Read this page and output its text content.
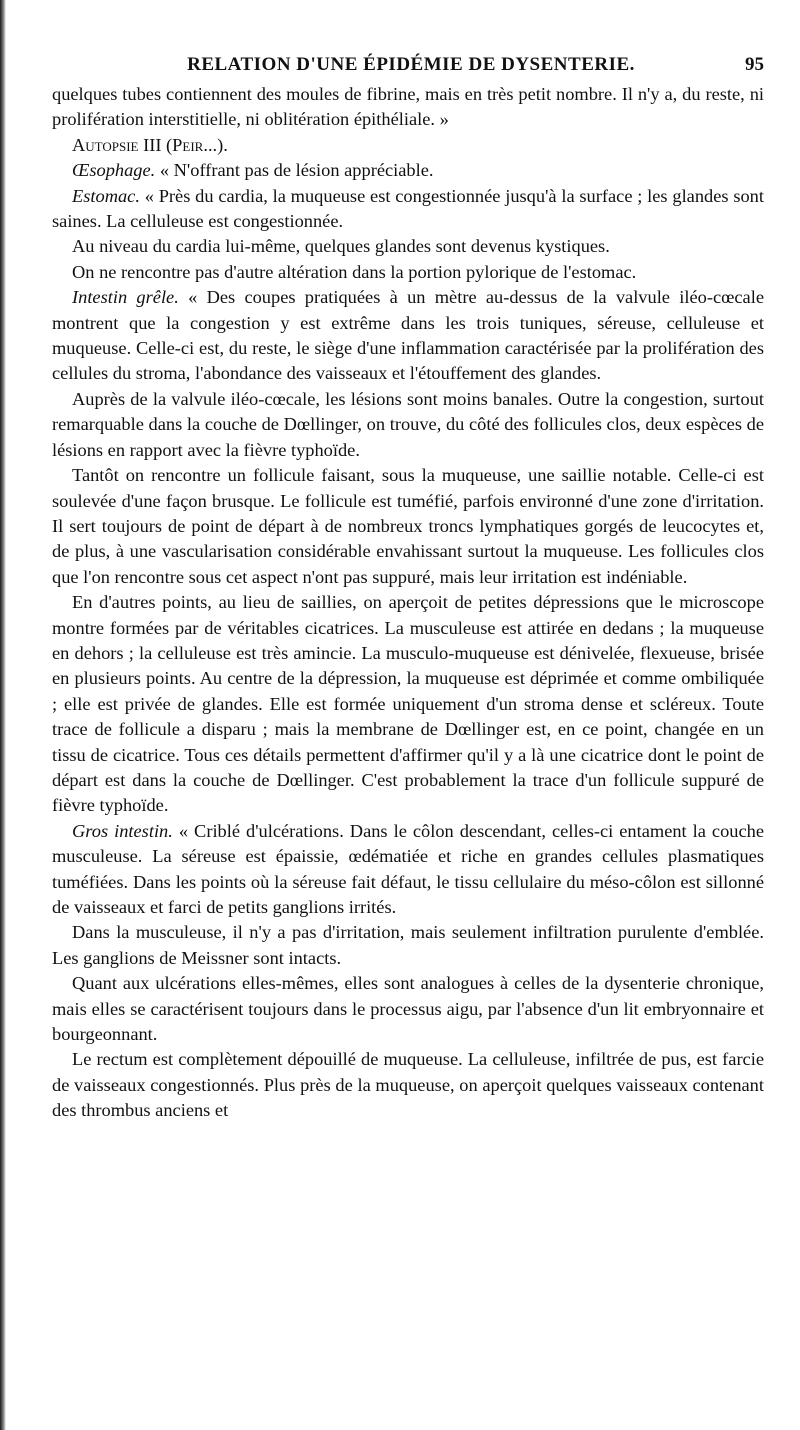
RELATION D'UNE ÉPIDÉMIE DE DYSENTERIE.	95

quelques tubes contiennent des moules de fibrine, mais en très petit nombre. Il n'y a, du reste, ni prolifération interstitielle, ni oblitération épithéliale. »

Autopsie III (Peir...).

Œsophage. « N'offrant pas de lésion appréciable.

Estomac. « Près du cardia, la muqueuse est congestionnée jusqu'à la surface ; les glandes sont saines. La celluleuse est congestionnée.

Au niveau du cardia lui-même, quelques glandes sont devenus kystiques.

On ne rencontre pas d'autre altération dans la portion pylorique de l'estomac.

Intestin grêle. « Des coupes pratiquées à un mètre au-dessus de la valvule iléo-cœcale montrent que la congestion y est extrême dans les trois tuniques, séreuse, celluleuse et muqueuse. Celle-ci est, du reste, le siège d'une inflammation caractérisée par la prolifération des cellules du stroma, l'abondance des vaisseaux et l'étouffement des glandes.

Auprès de la valvule iléo-cœcale, les lésions sont moins banales. Outre la congestion, surtout remarquable dans la couche de Dœllinger, on trouve, du côté des follicules clos, deux espèces de lésions en rapport avec la fièvre typhoïde.

Tantôt on rencontre un follicule faisant, sous la muqueuse, une saillie notable. Celle-ci est soulevée d'une façon brusque. Le follicule est tuméfié, parfois environné d'une zone d'irritation. Il sert toujours de point de départ à de nombreux troncs lymphatiques gorgés de leucocytes et, de plus, à une vascularisation considérable envahissant surtout la muqueuse. Les follicules clos que l'on rencontre sous cet aspect n'ont pas suppuré, mais leur irritation est indéniable.

En d'autres points, au lieu de saillies, on aperçoit de petites dépressions que le microscope montre formées par de véritables cicatrices. La musculeuse est attirée en dedans ; la muqueuse en dehors ; la celluleuse est très amincie. La musculo-muqueuse est dénivelée, flexueuse, brisée en plusieurs points. Au centre de la dépression, la muqueuse est déprimée et comme ombiliquée ; elle est privée de glandes. Elle est formée uniquement d'un stroma dense et scléreux. Toute trace de follicule a disparu ; mais la membrane de Dœllinger est, en ce point, changée en un tissu de cicatrice. Tous ces détails permettent d'affirmer qu'il y a là une cicatrice dont le point de départ est dans la couche de Dœllinger. C'est probablement la trace d'un follicule suppuré de fièvre typhoïde.

Gros intestin. « Criblé d'ulcérations. Dans le côlon descendant, celles-ci entament la couche musculeuse. La séreuse est épaissie, œdématiée et riche en grandes cellules plasmatiques tuméfiées. Dans les points où la séreuse fait défaut, le tissu cellulaire du méso-côlon est sillonné de vaisseaux et farci de petits ganglions irrités.

Dans la musculeuse, il n'y a pas d'irritation, mais seulement infiltration purulente d'emblée. Les ganglions de Meissner sont intacts.

Quant aux ulcérations elles-mêmes, elles sont analogues à celles de la dysenterie chronique, mais elles se caractérisent toujours dans le processus aigu, par l'absence d'un lit embryonnaire et bourgeonnant.

Le rectum est complètement dépouillé de muqueuse. La celluleuse, infiltrée de pus, est farcie de vaisseaux congestionnés. Plus près de la muqueuse, on aperçoit quelques vaisseaux contenant des thrombus anciens et
